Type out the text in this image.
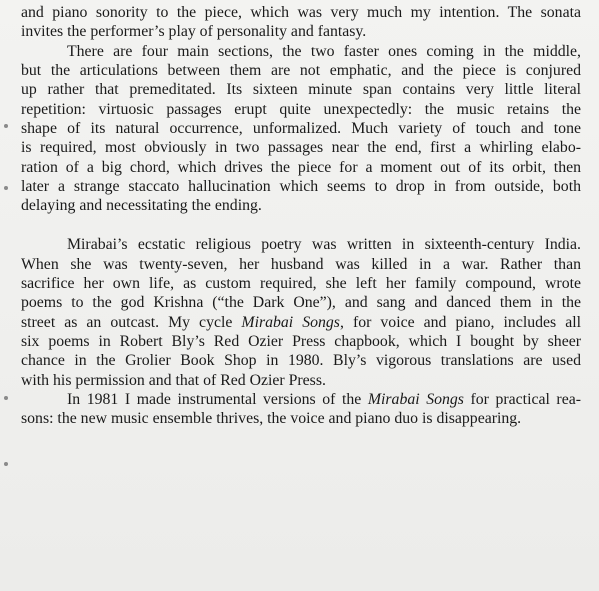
and piano sonority to the piece, which was very much my intention. The sonata
invites the performer’s play of personality and fantasy.
There are four main sections, the two faster ones coming in the middle,
but the articulations between them are not emphatic, and the piece is conjured
up rather that premeditated. Its sixteen minute span contains very little literal
repetition: virtuosic passages erupt quite unexpectedly: the music retains the
shape of its natural occurrence, unformalized. Much variety of touch and tone
is required, most obviously in two passages near the end, first a whirling elabo-
ration of a big chord, which drives the piece for a moment out of its orbit, then
later a strange staccato hallucination which seems to drop in from outside, both
delaying and necessitating the ending.
Mirabai’s ecstatic religious poetry was written in sixteenth-century India.
When she was twenty-seven, her husband was killed in a war. Rather than
sacrifice her own life, as custom required, she left her family compound, wrote
poems to the god Krishna (“the Dark One”), and sang and danced them in the
street as an outcast. My cycle Mirabai Songs, for voice and piano, includes all
six poems in Robert Bly’s Red Ozier Press chapbook, which I bought by sheer
chance in the Grolier Book Shop in 1980. Bly’s vigorous translations are used
with his permission and that of Red Ozier Press.
In 1981 I made instrumental versions of the Mirabai Songs for practical rea-
sons: the new music ensemble thrives, the voice and piano duo is disappearing.
